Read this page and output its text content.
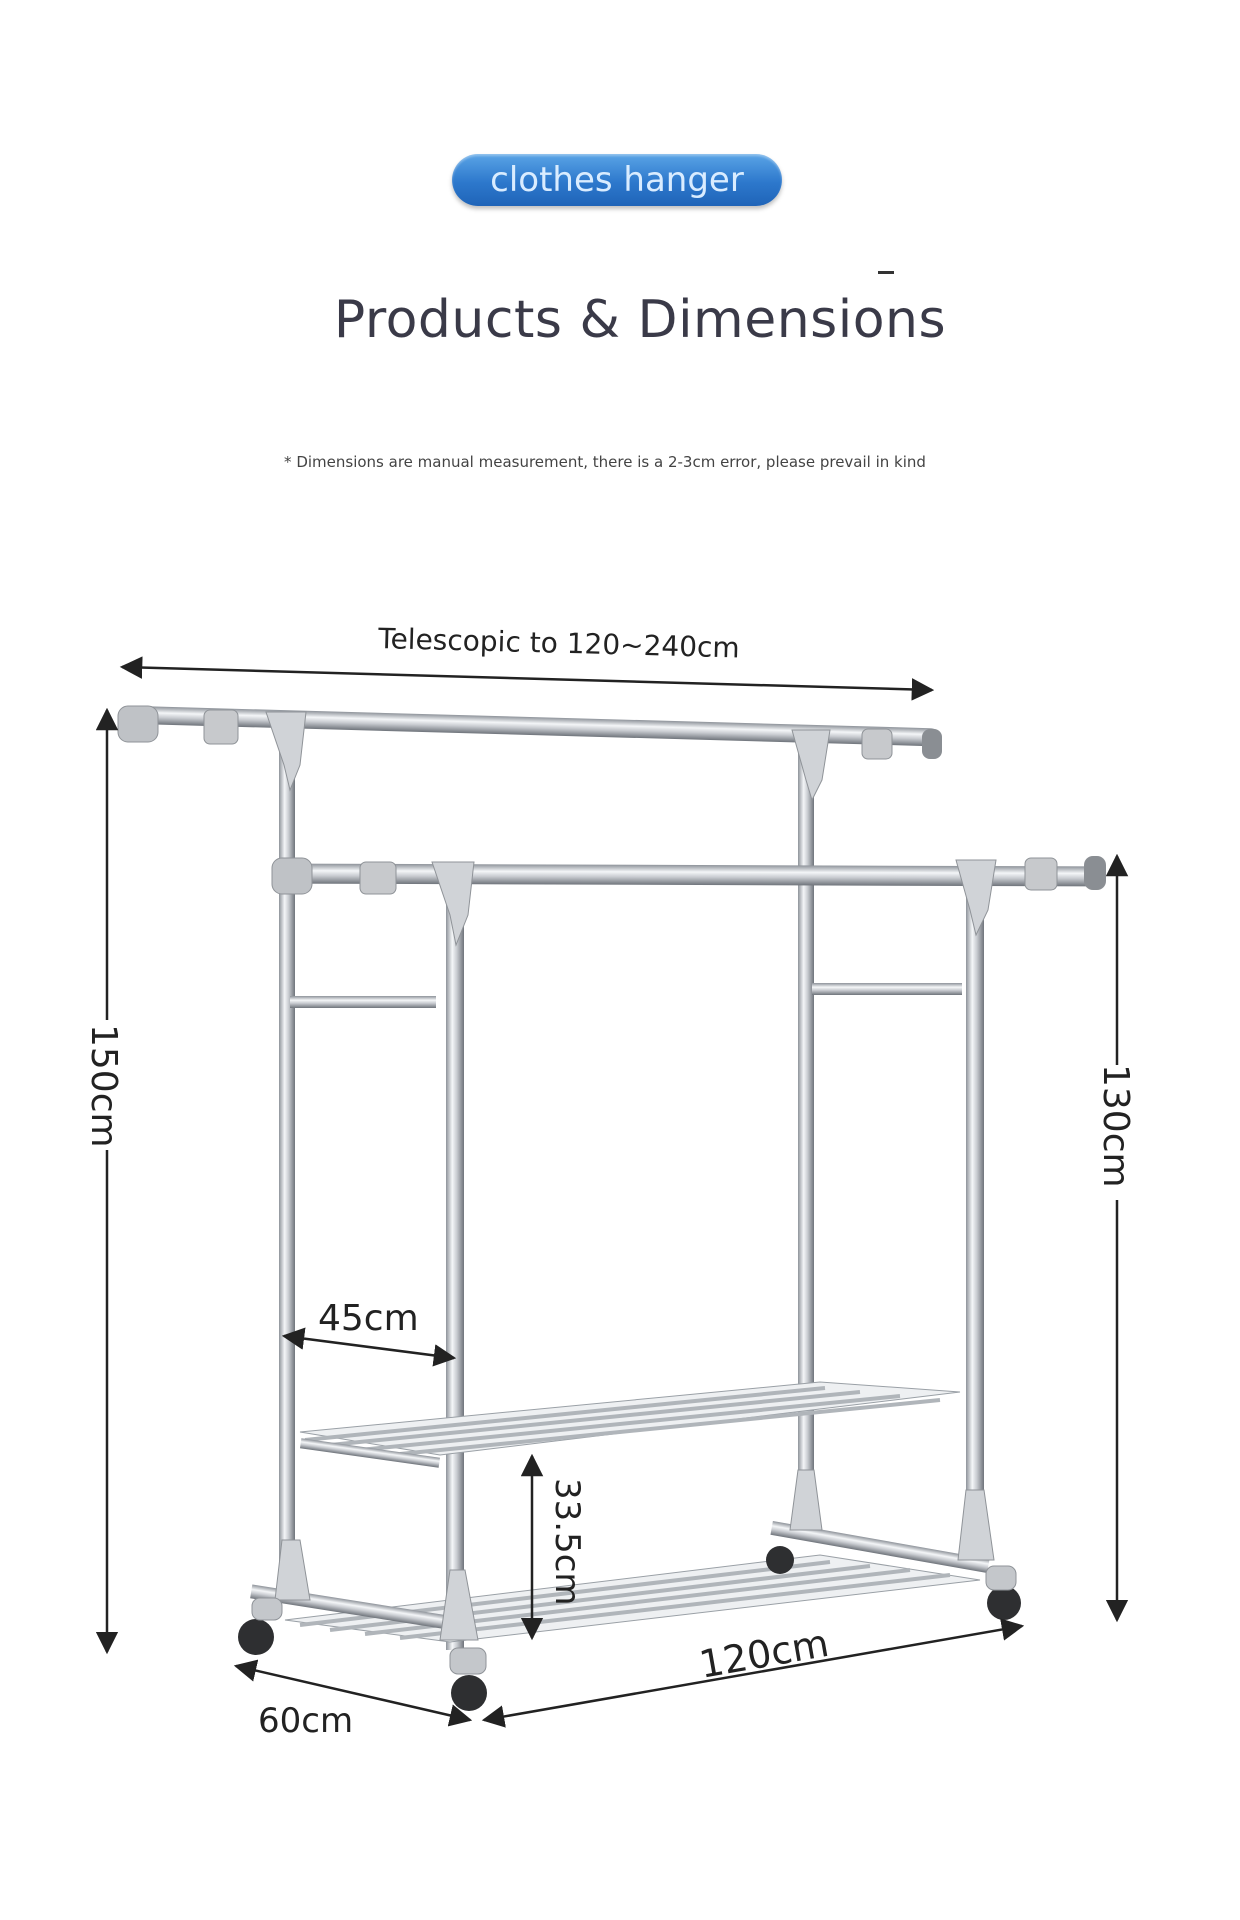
clothes hanger
Products & Dimensions
* Dimensions are manual measurement, there is a 2-3cm error, please prevail in kind
Telescopic to 120~240cm
150cm	130cm
45cm
33.5cm
120cm
60cm
